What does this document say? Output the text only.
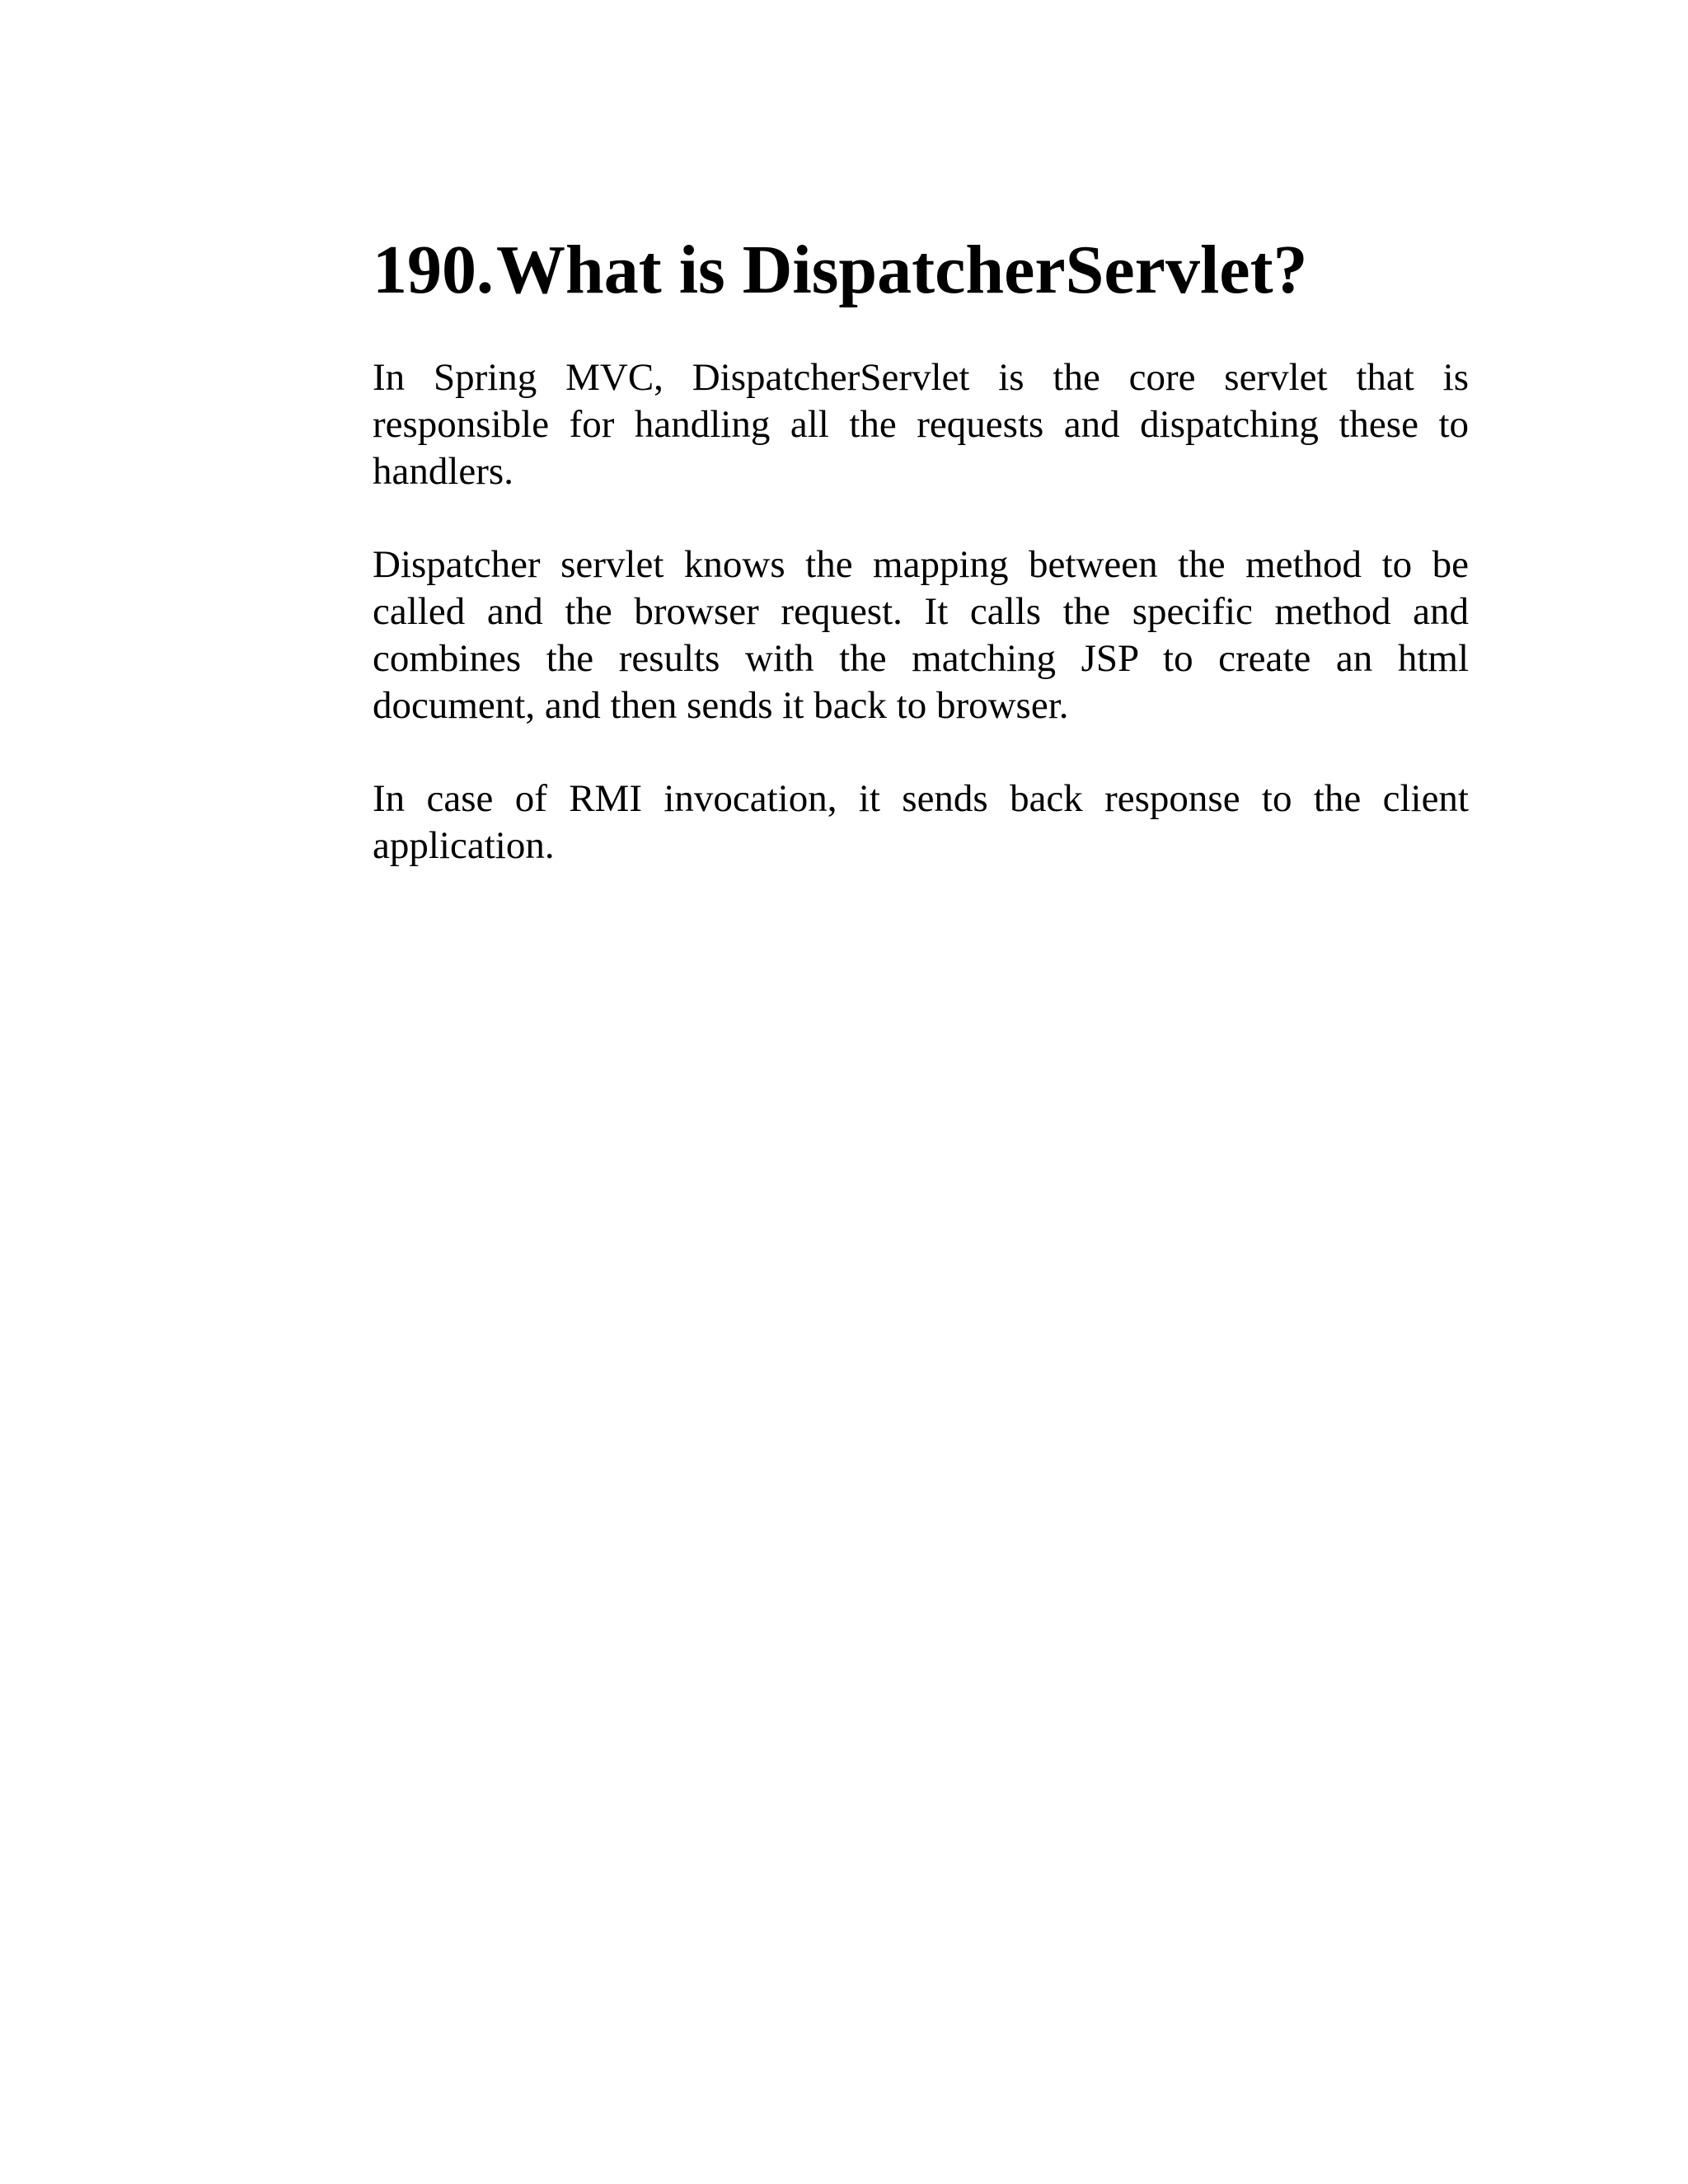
190.What is DispatcherServlet?

In Spring MVC, DispatcherServlet is the core servlet that is responsible for handling all the requests and dispatching these to handlers.

Dispatcher servlet knows the mapping between the method to be called and the browser request. It calls the specific method and combines the results with the matching JSP to create an html document, and then sends it back to browser.

In case of RMI invocation, it sends back response to the client application.
